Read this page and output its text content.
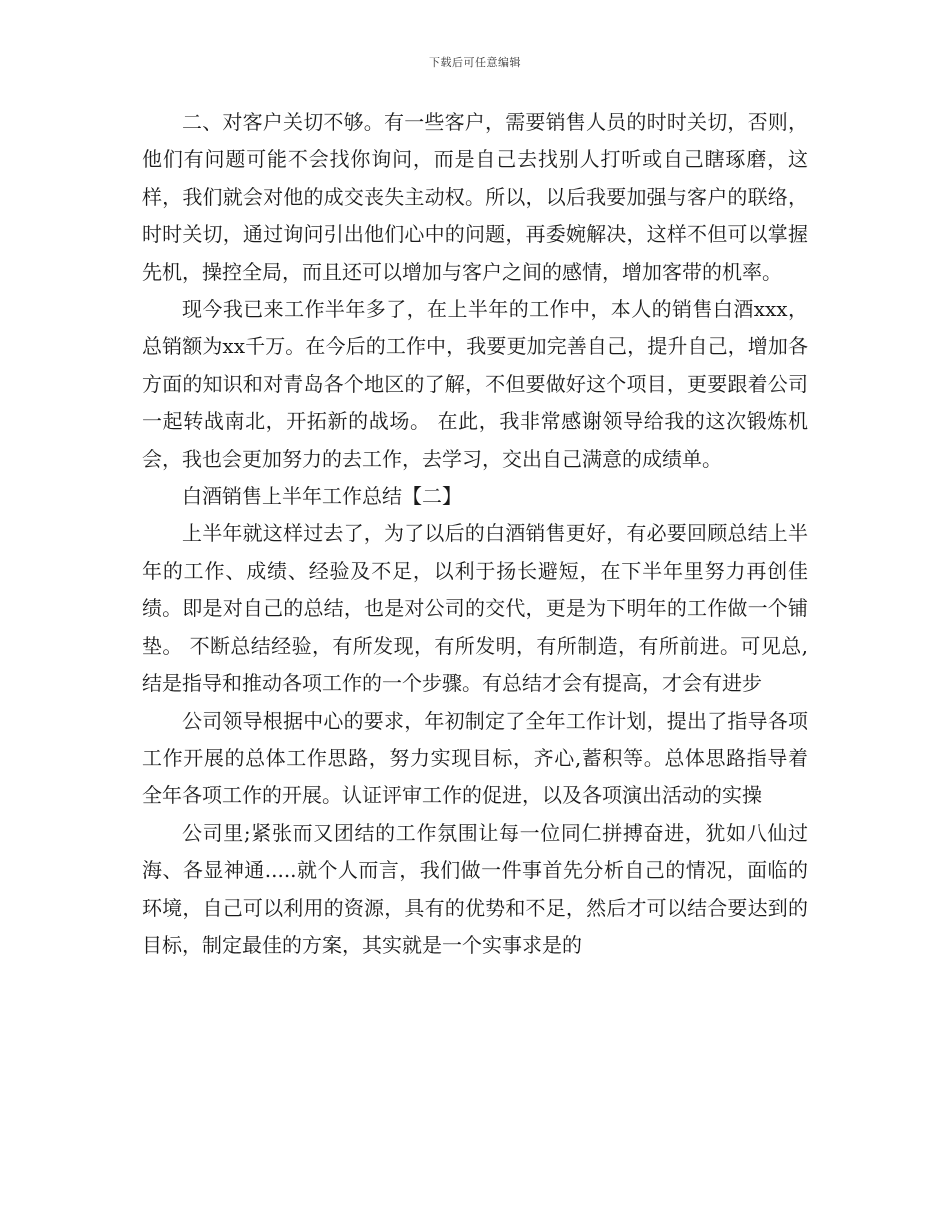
下载后可任意编辑

二、对客户关切不够。有一些客户，需要销售人员的时时关切，否则，他们有问题可能不会找你询问，而是自己去找别人打听或自己瞎琢磨，这样，我们就会对他的成交丧失主动权。所以，以后我要加强与客户的联络，时时关切，通过询问引出他们心中的问题，再委婉解决，这样不但可以掌握先机，操控全局，而且还可以增加与客户之间的感情，增加客带的机率。

现今我已来工作半年多了，在上半年的工作中，本人的销售白酒xxx，总销额为xx千万。在今后的工作中，我要更加完善自己，提升自己，增加各方面的知识和对青岛各个地区的了解，不但要做好这个项目，更要跟着公司一起转战南北，开拓新的战场。 在此，我非常感谢领导给我的这次锻炼机会，我也会更加努力的去工作，去学习，交出自己满意的成绩单。

白酒销售上半年工作总结【二】

上半年就这样过去了，为了以后的白酒销售更好，有必要回顾总结上半年的工作、成绩、经验及不足，以利于扬长避短，在下半年里努力再创佳绩。即是对自己的总结，也是对公司的交代，更是为下明年的工作做一个铺垫。 不断总结经验，有所发现，有所发明，有所制造，有所前进。可见总,结是指导和推动各项工作的一个步骤。有总结才会有提高，才会有进步

公司领导根据中心的要求，年初制定了全年工作计划，提出了指导各项工作开展的总体工作思路，努力实现目标，齐心,蓄积等。总体思路指导着全年各项工作的开展。认证评审工作的促进，以及各项演出活动的实操

公司里;紧张而又团结的工作氛围让每一位同仁拼搏奋进，犹如八仙过海、各显神通.....就个人而言，我们做一件事首先分析自己的情况，面临的环境，自己可以利用的资源，具有的优势和不足，然后才可以结合要达到的目标，制定最佳的方案，其实就是一个实事求是的
